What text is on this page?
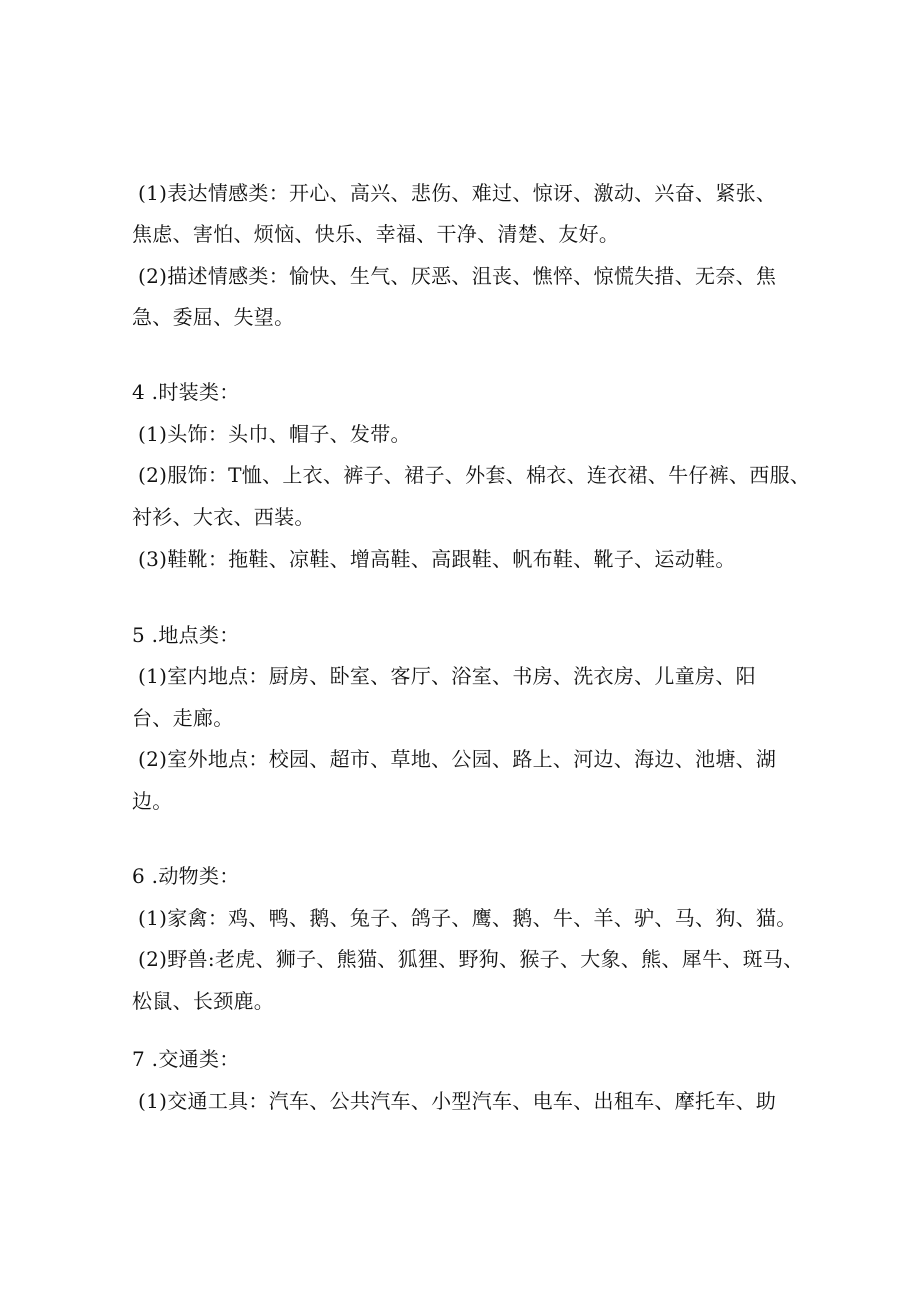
(1)表达情感类：开心、高兴、悲伤、难过、惊讶、激动、兴奋、紧张、
焦虑、害怕、烦恼、快乐、幸福、干净、清楚、友好。
(2)描述情感类：愉快、生气、厌恶、沮丧、憔悴、惊慌失措、无奈、焦
急、委屈、失望。
4 .时装类：
(1)头饰：头巾、帽子、发带。
(2)服饰：T恤、上衣、裤子、裙子、外套、棉衣、连衣裙、牛仔裤、西服、
衬衫、大衣、西装。
(3)鞋靴：拖鞋、凉鞋、增高鞋、高跟鞋、帆布鞋、靴子、运动鞋。
5 .地点类：
(1)室内地点：厨房、卧室、客厅、浴室、书房、洗衣房、儿童房、阳
台、走廊。
(2)室外地点：校园、超市、草地、公园、路上、河边、海边、池塘、湖
边。
6 .动物类：
(1)家禽：鸡、鸭、鹅、兔子、鸽子、鹰、鹅、牛、羊、驴、马、狗、猫。
(2)野兽:老虎、狮子、熊猫、狐狸、野狗、猴子、大象、熊、犀牛、斑马、
松鼠、长颈鹿。
7 .交通类：
(1)交通工具：汽车、公共汽车、小型汽车、电车、出租车、摩托车、助
